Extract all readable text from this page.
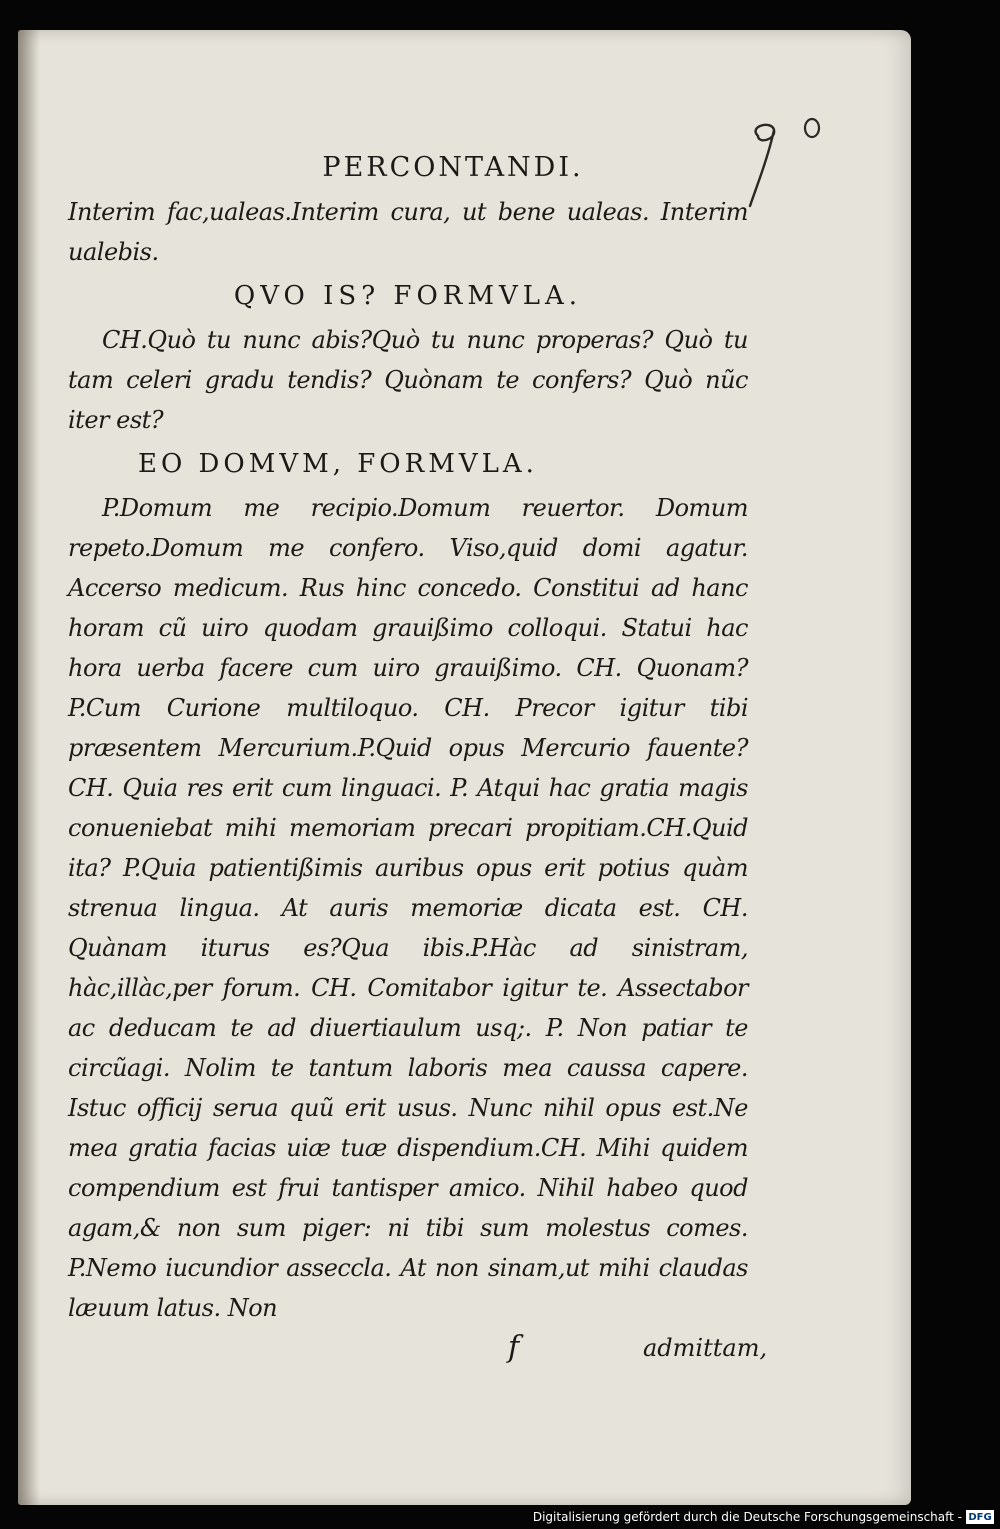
PERCONTANDI.

Interim fac,ualeas.Interim cura, ut bene ualeas. Interim ualebis.

QVO IS? FORMVLA.

CH.Quò tu nunc abis?Quò tu nunc properas? Quò tu tam celeri gradu tendis? Quònam te confers? Quò nũc iter est?

EO DOMVM, FORMVLA.

P.Domum me recipio.Domum reuertor. Domum repeto.Domum me confero. Viso,quid domi agatur. Accerso medicum. Rus hinc concedo. Constitui ad hanc horam cũ uiro quodam grauißimo colloqui. Statui hac hora uerba facere cum uiro grauißimo. CH. Quonam? P.Cum Curione multiloquo. CH. Precor igitur tibi præsentem Mercurium.P.Quid opus Mercurio fauente? CH. Quia res erit cum linguaci. P. Atqui hac gratia magis conueniebat mihi memoriam precari propitiam.CH.Quid ita? P.Quia patientißimis auribus opus erit potius quàm strenua lingua. At auris memoriæ dicata est. CH. Quànam iturus es?Qua ibis.P.Hàc ad sinistram, hàc,illàc,per forum. CH. Comitabor igitur te. Assectabor ac deducam te ad diuertiaulum usq;. P. Non patiar te circũagi. Nolim te tantum laboris mea caussa capere. Istuc officij serua quũ erit usus. Nunc nihil opus est.Ne mea gratia facias uiæ tuæ dispendium.CH. Mihi quidem compendium est frui tantisper amico. Nihil habeo quod agam,& non sum piger: ni tibi sum molestus comes. P.Nemo iucundior asseccla. At non sinam,ut mihi claudas læuum latus. Non

f	admittam,
Digitalisierung gefördert durch die Deutsche Forschungsgemeinschaft - DFG
